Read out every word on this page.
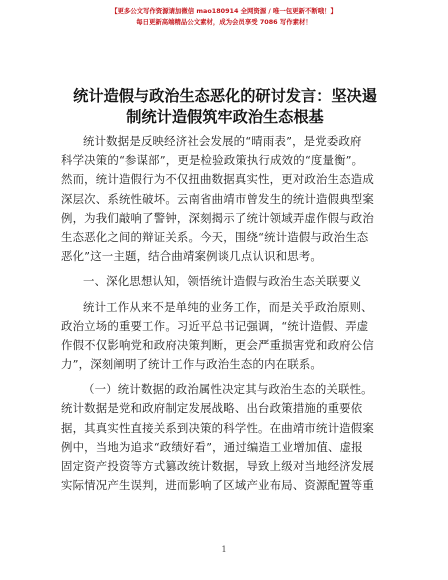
【更多公文写作资源请加微信 mao180914 全网资源 / 唯一包更新不断哦！】
每日更新高端精品公文素材，成为会员享受 7086 写作素材！
统计造假与政治生态恶化的研讨发言：坚决遏
制统计造假筑牢政治生态根基
统计数据是反映经济社会发展的“晴雨表”，是党委政府
科学决策的“参谋部”，更是检验政策执行成效的“度量衡”。
然而，统计造假行为不仅扭曲数据真实性，更对政治生态造成
深层次、系统性破坏。云南省曲靖市曾发生的统计造假典型案
例，为我们敲响了警钟，深刻揭示了统计领域弄虚作假与政治
生态恶化之间的辩证关系。今天，围绕“统计造假与政治生态
恶化”这一主题，结合曲靖案例谈几点认识和思考。
一、深化思想认知，领悟统计造假与政治生态关联要义
统计工作从来不是单纯的业务工作，而是关乎政治原则、
政治立场的重要工作。习近平总书记强调，“统计造假、弄虚
作假不仅影响党和政府决策判断，更会严重损害党和政府公信
力”，深刻阐明了统计工作与政治生态的内在联系。
（一）统计数据的政治属性决定其与政治生态的关联性。
统计数据是党和政府制定发展战略、出台政策措施的重要依
据，其真实性直接关系到决策的科学性。在曲靖市统计造假案
例中，当地为追求“政绩好看”，通过编造工业增加值、虚报
固定资产投资等方式篡改统计数据，导致上级对当地经济发展
实际情况产生误判，进而影响了区域产业布局、资源配置等重
1
